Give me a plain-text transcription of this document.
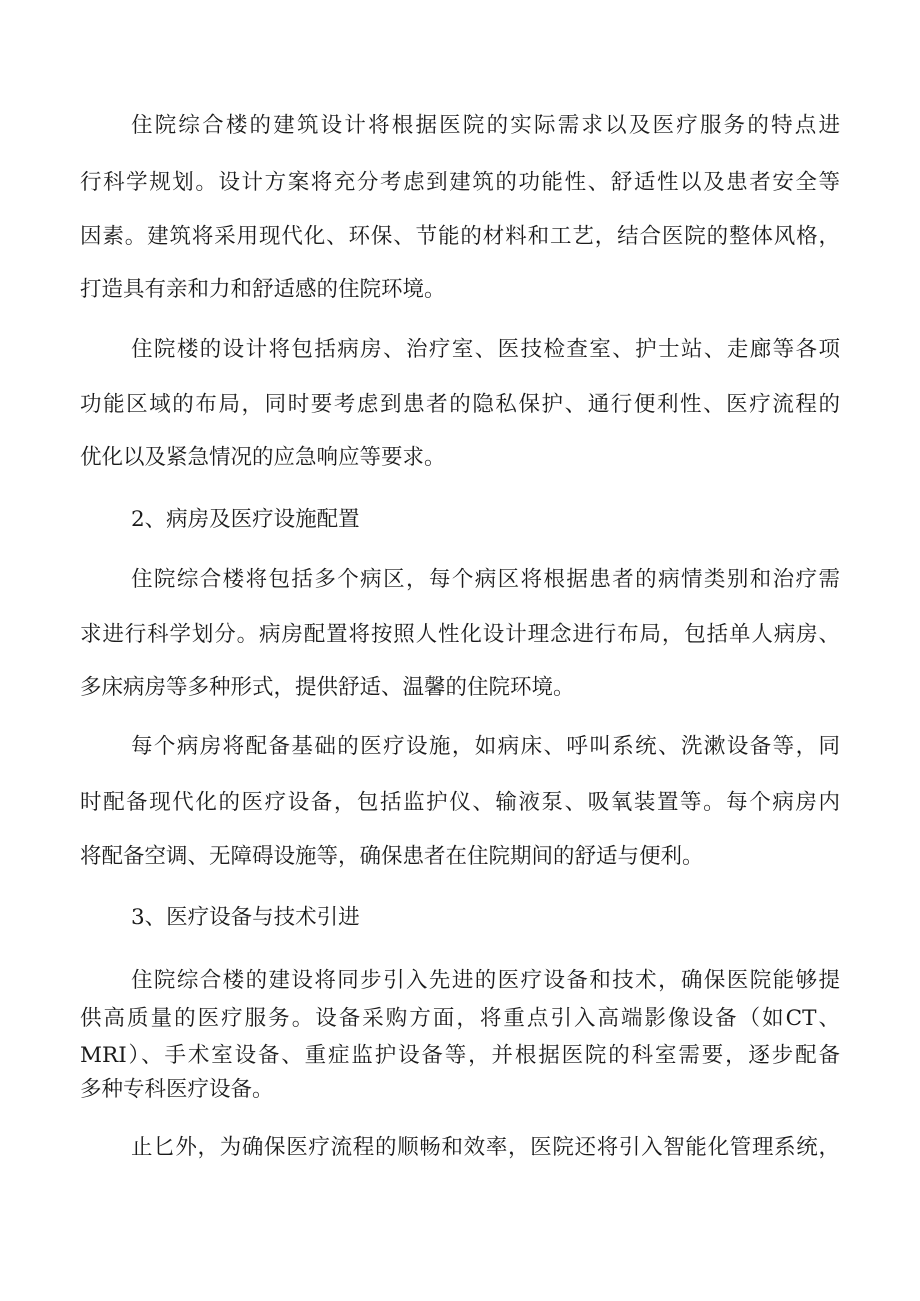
住院综合楼的建筑设计将根据医院的实际需求以及医疗服务的特点进
行科学规划。设计方案将充分考虑到建筑的功能性、舒适性以及患者安全等
因素。建筑将采用现代化、环保、节能的材料和工艺，结合医院的整体风格，
打造具有亲和力和舒适感的住院环境。
住院楼的设计将包括病房、治疗室、医技检查室、护士站、走廊等各项
功能区域的布局，同时要考虑到患者的隐私保护、通行便利性、医疗流程的
优化以及紧急情况的应急响应等要求。
2、病房及医疗设施配置
住院综合楼将包括多个病区，每个病区将根据患者的病情类别和治疗需
求进行科学划分。病房配置将按照人性化设计理念进行布局，包括单人病房、
多床病房等多种形式，提供舒适、温馨的住院环境。
每个病房将配备基础的医疗设施，如病床、呼叫系统、洗漱设备等，同
时配备现代化的医疗设备，包括监护仪、输液泵、吸氧装置等。每个病房内
将配备空调、无障碍设施等，确保患者在住院期间的舒适与便利。
3、医疗设备与技术引进
住院综合楼的建设将同步引入先进的医疗设备和技术，确保医院能够提
供高质量的医疗服务。设备采购方面，将重点引入高端影像设备（如CT、
MRI）、手术室设备、重症监护设备等，并根据医院的科室需要，逐步配备
多种专科医疗设备。
止匕外，为确保医疗流程的顺畅和效率，医院还将引入智能化管理系统，
